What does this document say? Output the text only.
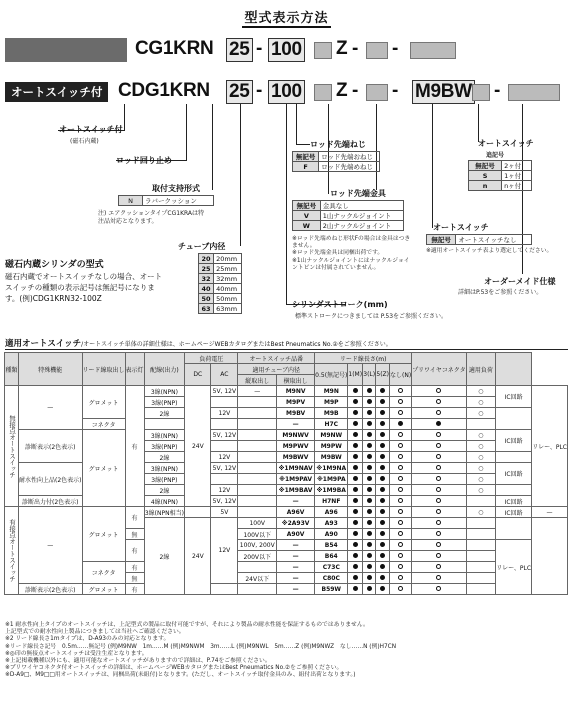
型式表示方法
CG1KRN 25 - 100 Z - -
オートスイッチ付 CDG1KRN 25 - 100 Z - - M9BW -
オートスイッチ付
(磁石内蔵)
ロッド回り止め
取付支持形式
N	ラバークッション
注) エアクッションタイプCG1KRAは特注品対応となります。
磁石内蔵シリンダの型式
磁石内蔵でオートスイッチなしの場合、オートスイッチの種類の表示記号は無記号になります。(例)CDG1KRN32-100Z
チューブ内径
20	20mm
25	25mm
32	32mm
40	40mm
50	50mm
63	63mm	シリンダストローク(mm)
標準ストロークにつきましては P.53をご参照ください。
ロッド先端ねじ
無記号	ロッド先端おねじ
F	ロッド先端めねじ
ロッド先端金具
無記号	金具なし
V	1山ナックルジョイント
W	2山ナックルジョイント
※ロッド先端めねじ形状Fの場合は金具はつきません。
※ロッド先端金具は同梱出荷です。
※1山ナックルジョイントにはナックルジョイントピンは付属されていません。
オートスイッチ
無記号	オートスイッチなし
※適用オートスイッチ表より選定してください。
オートスイッチ
追記号
無記号	2ヶ付
S	1ヶ付
n	nヶ付
オーダーメイド仕様
詳細はP.53をご参照ください。
適用オートスイッチ/オートスイッチ単体の詳細仕様は、ホームページWEBカタログまたはBest Pneumatics No.②をご参照ください。
種類	特殊機能	リード線取出し	表示灯	配線(出力)	負荷電圧		オートスイッチ品番		リード線長さ(m)					プリワイヤコネクタ	適用負荷		
					DC	AC	適用チューブ内径		0.5(無記号)	1(M)	3(L)	5(Z)	なし(N)				
							縦取出し	横取出し									
無接点オートスイッチ	—	グロメット	有	3線(NPN)	24V	5V, 12V	—	M9NV	M9N						○	IC回路	リレー、PLC
				3線(PNP)				M9PV	M9P						○		
				2線		12V		M9BV	M9B						○		
		コネクタ						—	H7C								
	診断表示(2色表示)	グロメット		3線(NPN)		5V, 12V		M9NWV	M9NW						○	IC回路	
				3線(PNP)				M9PWV	M9PW						○		
				2線		12V		M9BWV	M9BW						○		
	耐水性向上品(2色表示)			3線(NPN)		5V, 12V		※1M9NAV	※1M9NA						○	IC回路	
				3線(PNP)				※1M9PAV	※1M9PA						○		
				2線		12V		※1M9BAV	※1M9BA						○		
	診断出力付(2色表示)			4線(NPN)		5V, 12V		—	H7NF							IC回路	
有接点オートスイッチ	—	グロメット	有	3線(NPN相当)		5V		A96V	A96						○	IC回路	—
				2線	24V	12V	100V	※2A93V	A93								
			無				100V以下	A90V	A90								
			有				100V, 200V	—	B54							リレー、PLC	
							200V以下	—	B64								
		コネクタ	有					—	C73C								
			無				24V以下	—	C80C								
	診断表示(2色表示)	グロメット	有					—	B59W								
※1 耐水性向上タイプのオートスイッチは、上記型式の製品に取付可能ですが、それにより製品の耐水性能を保証するものではありません。
上記型式での耐水性向上製品につきましては当社へご確認ください。
※2 リード線長さ1mタイプは、D-A93のみの対応となります。
※リード線長さ記号　0.5m……無記号 (例)M9NW　1m……M (例)M9NWM　3m……L (例)M9NWL　5m……Z (例)M9NWZ　なし……N (例)H7CN
※◎印の無接点オートスイッチは受注生産となります。
※上記掲載機種以外にも、適用可能なオートスイッチがありますので詳細は、P.74をご参照ください。
※プリワイヤコネクタ付オートスイッチの詳細は、ホームページWEBカタログまたはBest Pneumatics No.②をご参照ください。
※D-A9□、M9□□用オートスイッチは、同梱出荷(未組付)となります。(ただし、オートスイッチ取付金具のみ、組付出荷となります。)
